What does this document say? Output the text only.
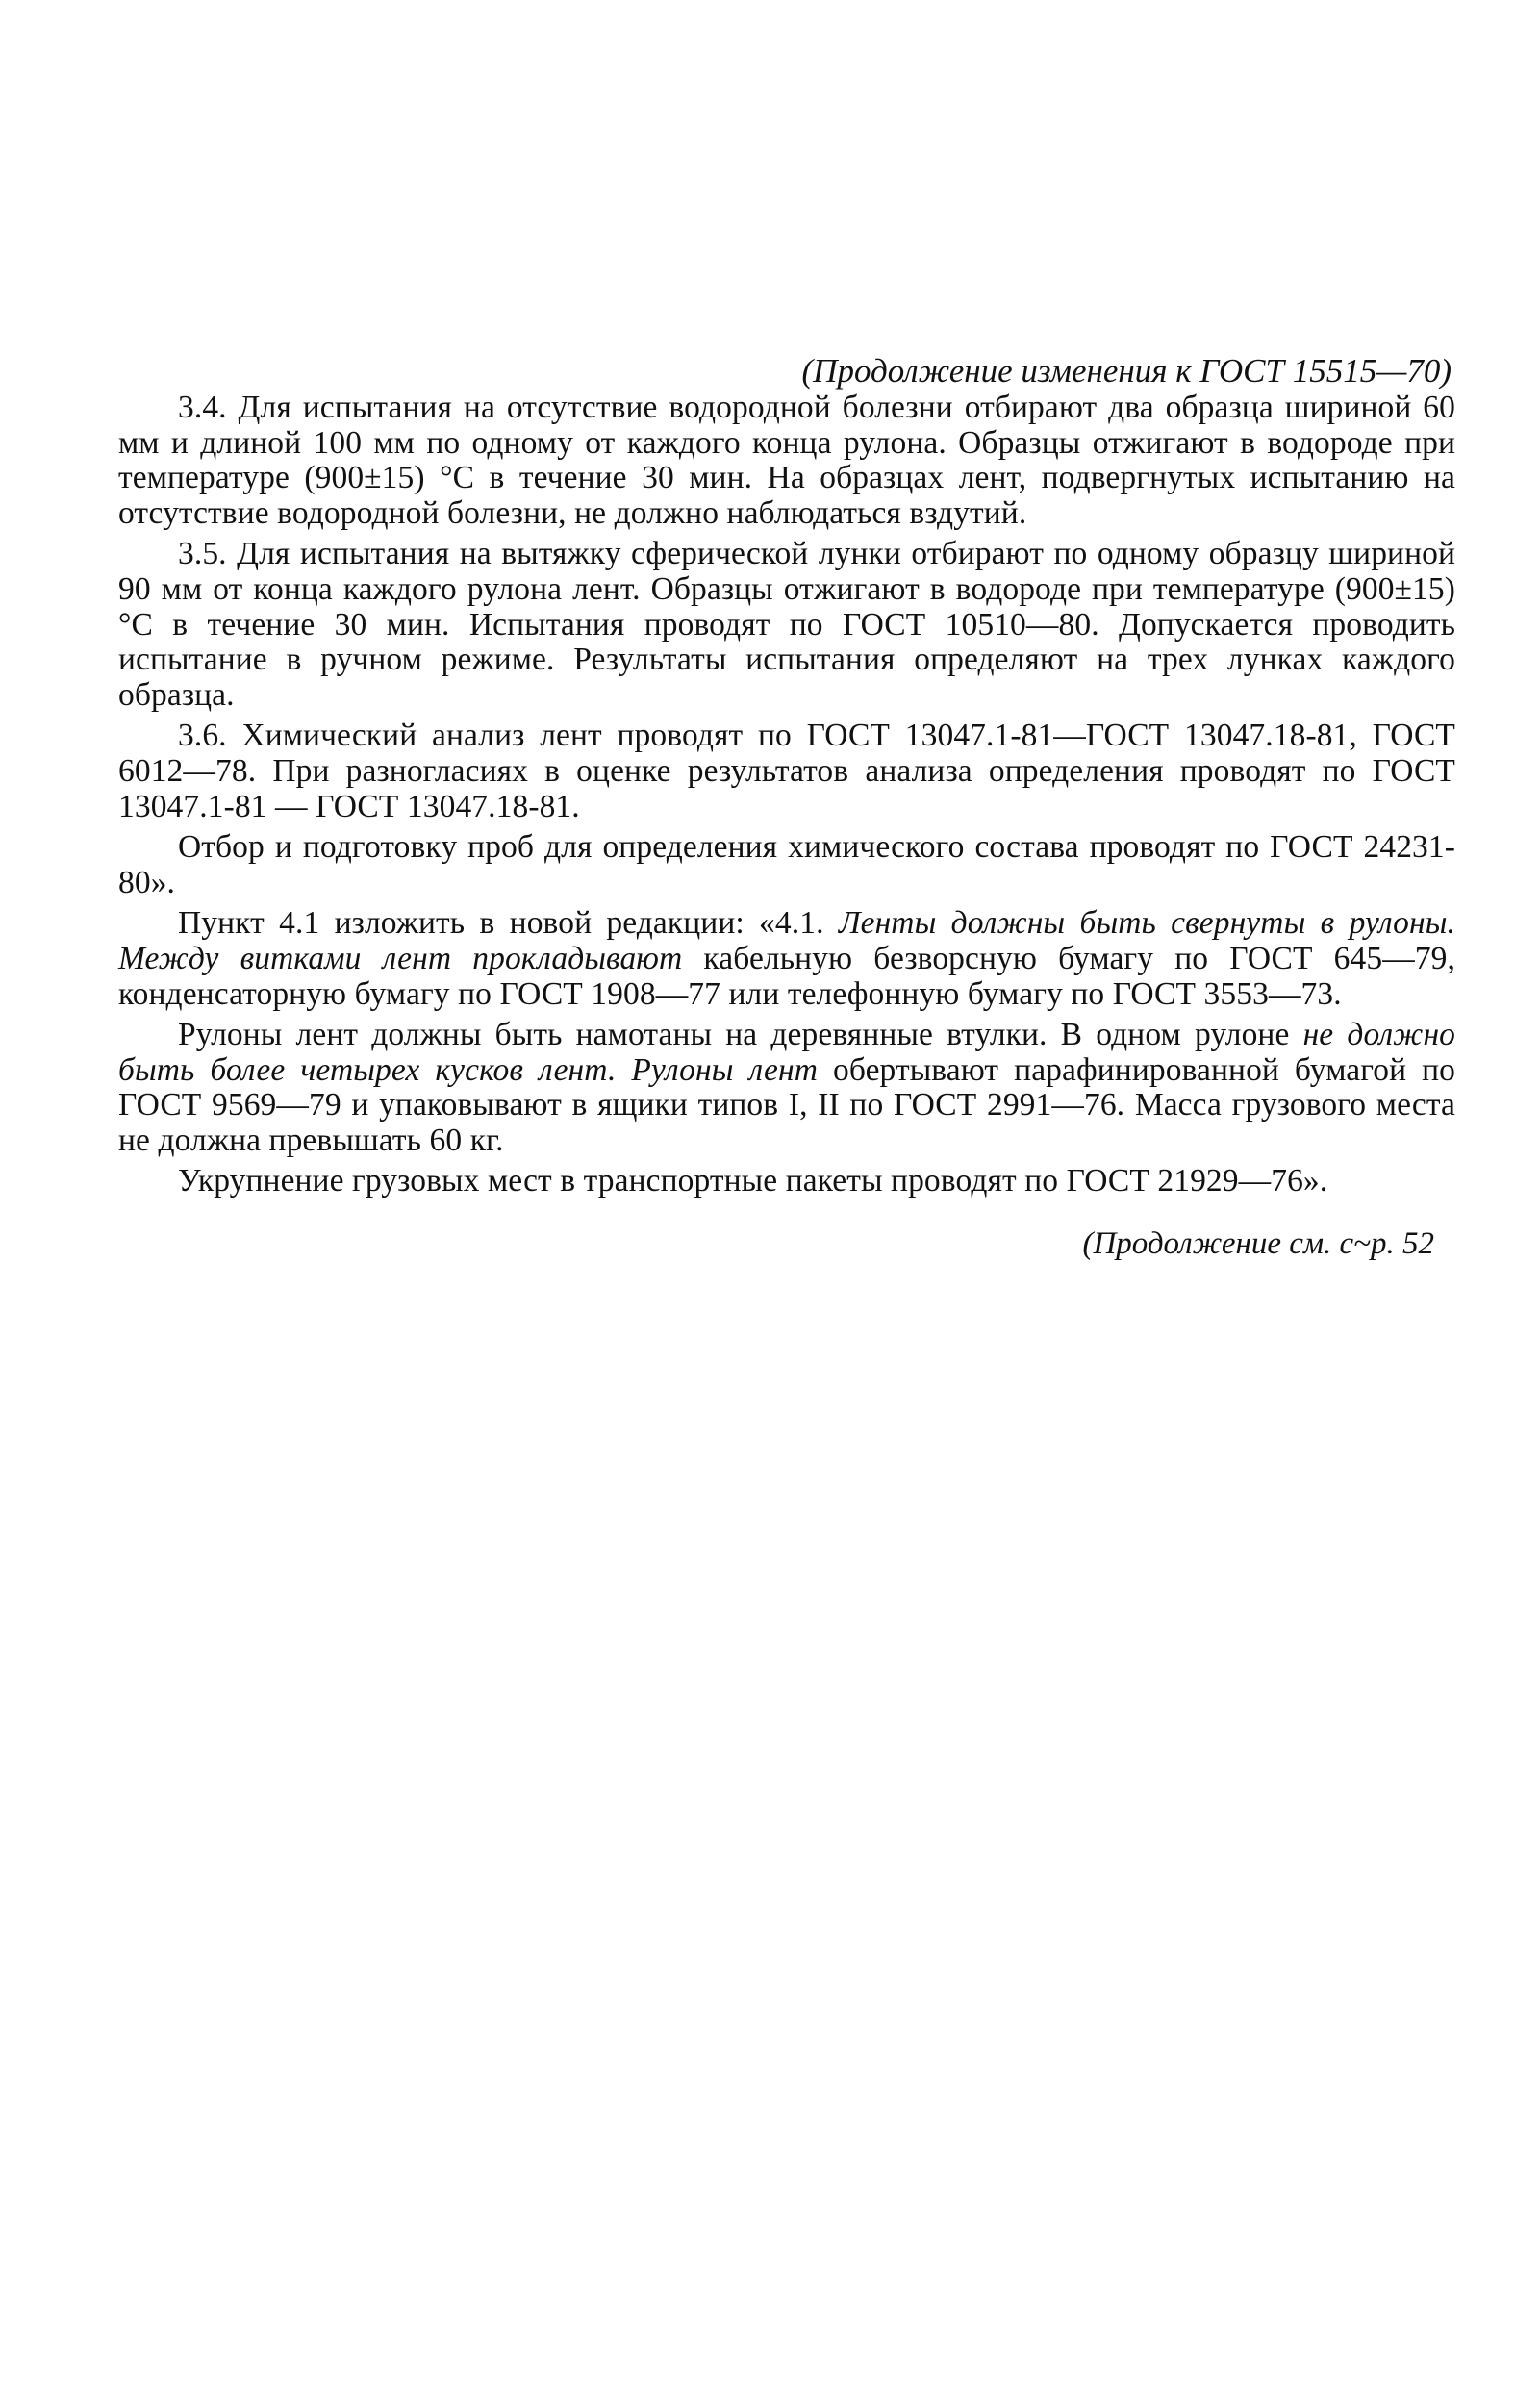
(Продолжение изменения к ГОСТ 15515—70)

3.4. Для испытания на отсутствие водородной болезни отбирают два образца шириной 60 мм и длиной 100 мм по одному от каждого конца рулона. Образцы отжигают в водороде при температуре (900±15) °С в течение 30 мин. На образцах лент, подвергнутых испытанию на отсутствие водородной болезни, не должно наблюдаться вздутий.

3.5. Для испытания на вытяжку сферической лунки отбирают по одному образцу шириной 90 мм от конца каждого рулона лент. Образцы отжигают в водороде при температуре (900±15) °С в течение 30 мин. Испытания проводят по ГОСТ 10510—80. Допускается проводить испытание в ручном режиме. Результаты испытания определяют на трех лунках каждого образца.

3.6. Химический анализ лент проводят по ГОСТ 13047.1-81—ГОСТ 13047.18-81, ГОСТ 6012—78. При разногласиях в оценке результатов анализа определения проводят по ГОСТ 13047.1-81 — ГОСТ 13047.18-81.

Отбор и подготовку проб для определения химического состава проводят по ГОСТ 24231- 80».

Пункт 4.1 изложить в новой редакции: «4.1. Ленты должны быть свернуты в рулоны. Между витками лент прокладывают кабельную безворсную бумагу по ГОСТ 645—79, конденсаторную бумагу по ГОСТ 1908—77 или телефонную бумагу по ГОСТ 3553—73.

Рулоны лент должны быть намотаны на деревянные втулки. В одном рулоне не должно быть более четырех кусков лент. Рулоны лент обертывают парафинированной бумагой по ГОСТ 9569—79 и упаковывают в ящики типов I, II по ГОСТ 2991—76. Масса грузового места не должна превышать 60 кг.

Укрупнение грузовых мест в транспортные пакеты проводят по ГОСТ 21929—76».

(Продолжение см. с~р. 52
